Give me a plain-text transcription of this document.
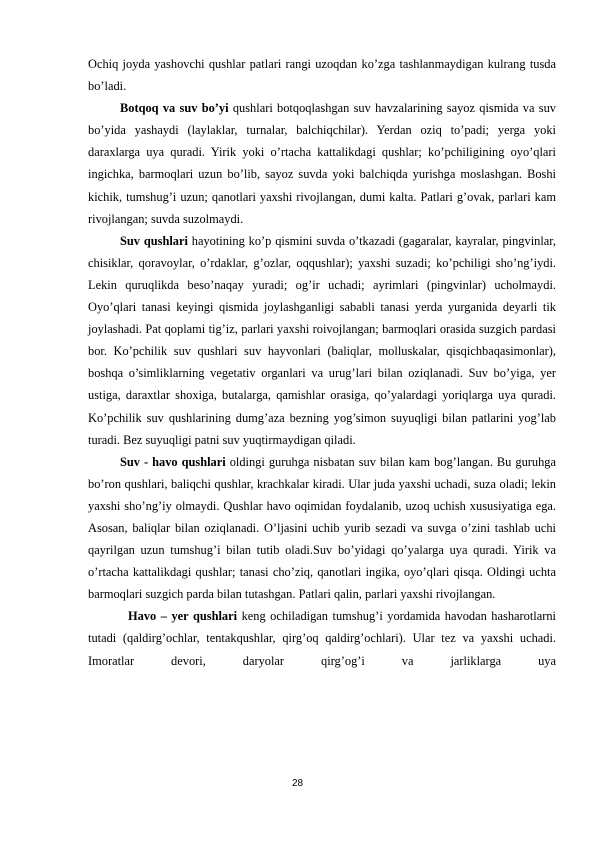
Ochiq joyda yashovchi qushlar patlari rangi uzoqdan ko’zga tashlanmaydigan kulrang tusda bo’ladi.

Botqoq va suv bo’yi qushlari botqoqlashgan suv havzalarining sayoz qismida va suv bo’yida yashaydi (laylaklar, turnalar, balchiqchilar). Yerdan oziq to’padi; yerga yoki daraxlarga uya quradi. Yirik yoki o’rtacha kattalikdagi qushlar; ko’pchiligining oyo’qlari ingichka, barmoqlari uzun bo’lib, sayoz suvda yoki balchiqda yurishga moslashgan. Boshi kichik, tumshug’i uzun; qanotlari yaxshi rivojlangan, dumi kalta. Patlari g’ovak, parlari kam rivojlangan; suvda suzolmaydi.

Suv qushlari hayotining ko’p qismini suvda o’tkazadi (gagaralar, kayralar, pingvinlar, chisiklar, qoravoylar, o’rdaklar, g’ozlar, oqqushlar); yaxshi suzadi; ko’pchiligi sho’ng’iydi. Lekin quruqlikda beso’naqay yuradi; og’ir uchadi; ayrimlari (pingvinlar) ucholmaydi. Oyo’qlari tanasi keyingi qismida joylashganligi sababli tanasi yerda yurganida deyarli tik joylashadi. Pat qoplami tig’iz, parlari yaxshi roivojlangan; barmoqlari orasida suzgich pardasi bor. Ko’pchilik suv qushlari suv hayvonlari (baliqlar, molluskalar, qisqichbaqasimonlar), boshqa o’simliklarning vegetativ organlari va urug’lari bilan oziqlanadi. Suv bo’yiga, yer ustiga, daraxtlar shoxiga, butalarga, qamishlar orasiga, qo’yalardagi yoriqlarga uya quradi. Ko’pchilik suv qushlarining dumg’aza bezning yog’simon suyuqligi bilan patlarini yog’lab turadi. Bez suyuqligi patni suv yuqtirmaydigan qiladi.

Suv - havo qushlari oldingi guruhga nisbatan suv bilan kam bog’langan. Bu guruhga bo’ron qushlari, baliqchi qushlar, krachkalar kiradi. Ular juda yaxshi uchadi, suza oladi; lekin yaxshi sho’ng’iy olmaydi. Qushlar havo oqimidan foydalanib, uzoq uchish xususiyatiga ega. Asosan, baliqlar bilan oziqlanadi. O’ljasini uchib yurib sezadi va suvga o’zini tashlab uchi qayrilgan uzun tumshug’i bilan tutib oladi.Suv bo’yidagi qo’yalarga uya quradi. Yirik va o’rtacha kattalikdagi qushlar; tanasi cho’ziq, qanotlari ingika, oyo’qlari qisqa. Oldingi uchta barmoqlari suzgich parda bilan tutashgan. Patlari qalin, parlari yaxshi rivojlangan.

Havo – yer qushlari keng ochiladigan tumshug’i yordamida havodan hasharotlarni tutadi (qaldirg’ochlar, tentakqushlar, qirg’oq qaldirg’ochlari). Ular tez va yaxshi uchadi. Imoratlar devori, daryolar qirg’og’i va jarliklarga uya

28
